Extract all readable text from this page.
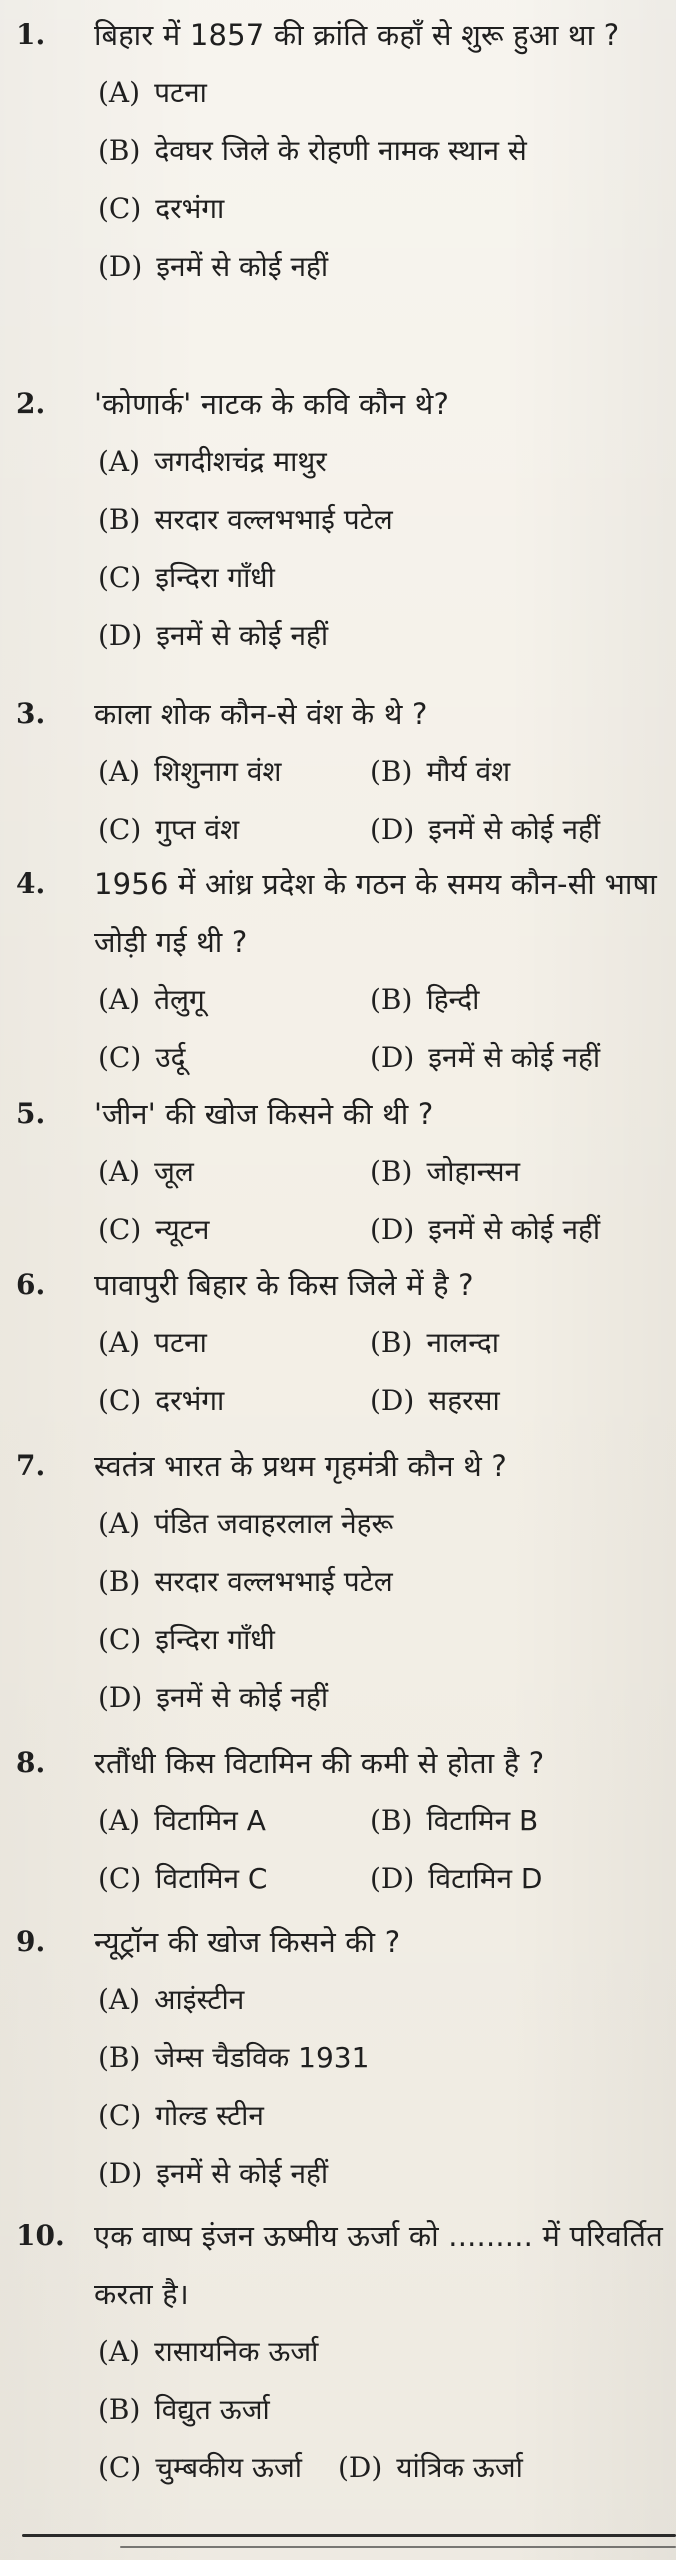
1. बिहार में 1857 की क्रांति कहाँ से शुरू हुआ था ?
(A) पटना
(B) देवघर जिले के रोहणी नामक स्थान से
(C) दरभंगा
(D) इनमें से कोई नहीं
2. 'कोणार्क' नाटक के कवि कौन थे?
(A) जगदीशचंद्र माथुर
(B) सरदार वल्लभभाई पटेल
(C) इन्दिरा गाँधी
(D) इनमें से कोई नहीं
3. काला शोक कौन-से वंश के थे ?
(A) शिशुनाग वंश	(B) मौर्य वंश
(C) गुप्त वंश	(D) इनमें से कोई नहीं
4. 1956 में आंध्र प्रदेश के गठन के समय कौन-सी भाषा जोड़ी गई थी ?
(A) तेलुगू	(B) हिन्दी
(C) उर्दू	(D) इनमें से कोई नहीं
5. 'जीन' की खोज किसने की थी ?
(A) जूल	(B) जोहान्सन
(C) न्यूटन	(D) इनमें से कोई नहीं
6. पावापुरी बिहार के किस जिले में है ?
(A) पटना	(B) नालन्दा
(C) दरभंगा	(D) सहरसा
7. स्वतंत्र भारत के प्रथम गृहमंत्री कौन थे ?
(A) पंडित जवाहरलाल नेहरू
(B) सरदार वल्लभभाई पटेल
(C) इन्दिरा गाँधी
(D) इनमें से कोई नहीं
8. रतौंधी किस विटामिन की कमी से होता है ?
(A) विटामिन A	(B) विटामिन B
(C) विटामिन C	(D) विटामिन D
9. न्यूट्रॉन की खोज किसने की ?
(A) आइंस्टीन
(B) जेम्स चैडविक 1931
(C) गोल्ड स्टीन
(D) इनमें से कोई नहीं
10. एक वाष्प इंजन ऊष्मीय ऊर्जा को ......... में परिवर्तित करता है।
(A) रासायनिक ऊर्जा
(B) विद्युत ऊर्जा
(C) चुम्बकीय ऊर्जा (D) यांत्रिक ऊर्जा
